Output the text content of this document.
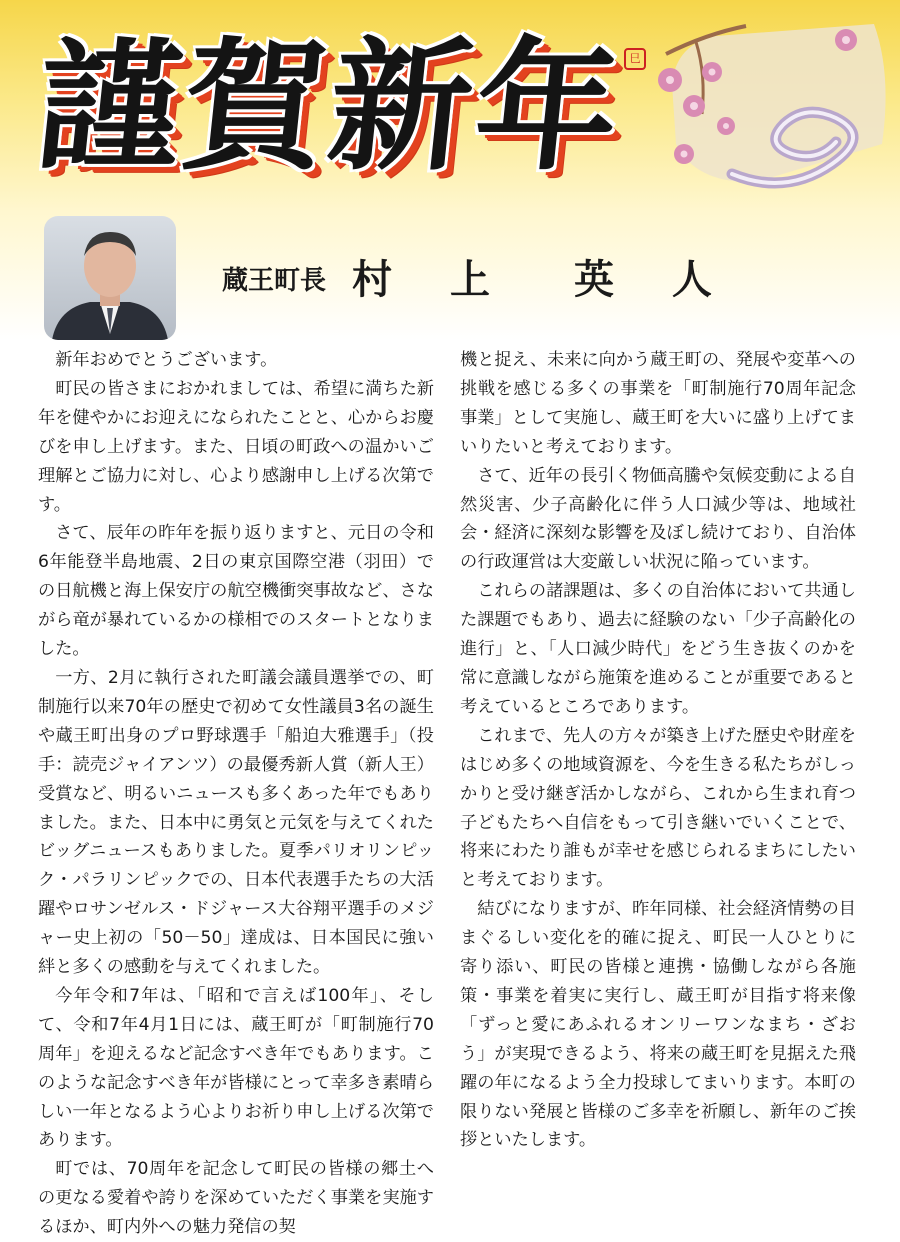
謹賀新年
巳

蔵王町長 村 上　英 人

新年おめでとうございます。

町民の皆さまにおかれましては、希望に満ちた新年を健やかにお迎えになられたことと、心からお慶びを申し上げます。また、日頃の町政への温かいご理解とご協力に対し、心より感謝申し上げる次第です。

さて、辰年の昨年を振り返りますと、元日の令和6年能登半島地震、2日の東京国際空港（羽田）での日航機と海上保安庁の航空機衝突事故など、さながら竜が暴れているかの様相でのスタートとなりました。

一方、2月に執行された町議会議員選挙での、町制施行以来70年の歴史で初めて女性議員3名の誕生や蔵王町出身のプロ野球選手「船迫大雅選手」（投手：読売ジャイアンツ）の最優秀新人賞（新人王）受賞など、明るいニュースも多くあった年でもありました。また、日本中に勇気と元気を与えてくれたビッグニュースもありました。夏季パリオリンピック・パラリンピックでの、日本代表選手たちの大活躍やロサンゼルス・ドジャース大谷翔平選手のメジャー史上初の「50－50」達成は、日本国民に強い絆と多くの感動を与えてくれました。

今年令和7年は、「昭和で言えば100年」、そして、令和7年4月1日には、蔵王町が「町制施行70周年」を迎えるなど記念すべき年でもあります。このような記念すべき年が皆様にとって幸多き素晴らしい一年となるよう心よりお祈り申し上げる次第であります。

町では、70周年を記念して町民の皆様の郷土への更なる愛着や誇りを深めていただく事業を実施するほか、町内外への魅力発信の契

機と捉え、未来に向かう蔵王町の、発展や変革への挑戦を感じる多くの事業を「町制施行70周年記念事業」として実施し、蔵王町を大いに盛り上げてまいりたいと考えております。

さて、近年の長引く物価高騰や気候変動による自然災害、少子高齢化に伴う人口減少等は、地域社会・経済に深刻な影響を及ぼし続けており、自治体の行政運営は大変厳しい状況に陥っています。

これらの諸課題は、多くの自治体において共通した課題でもあり、過去に経験のない「少子高齢化の進行」と、「人口減少時代」をどう生き抜くのかを常に意識しながら施策を進めることが重要であると考えているところであります。

これまで、先人の方々が築き上げた歴史や財産をはじめ多くの地域資源を、今を生きる私たちがしっかりと受け継ぎ活かしながら、これから生まれ育つ子どもたちへ自信をもって引き継いでいくことで、将来にわたり誰もが幸せを感じられるまちにしたいと考えております。

結びになりますが、昨年同様、社会経済情勢の目まぐるしい変化を的確に捉え、町民一人ひとりに寄り添い、町民の皆様と連携・協働しながら各施策・事業を着実に実行し、蔵王町が目指す将来像「ずっと愛にあふれるオンリーワンなまち・ざおう」が実現できるよう、将来の蔵王町を見据えた飛躍の年になるよう全力投球してまいります。本町の限りない発展と皆様のご多幸を祈願し、新年のご挨拶といたします。
